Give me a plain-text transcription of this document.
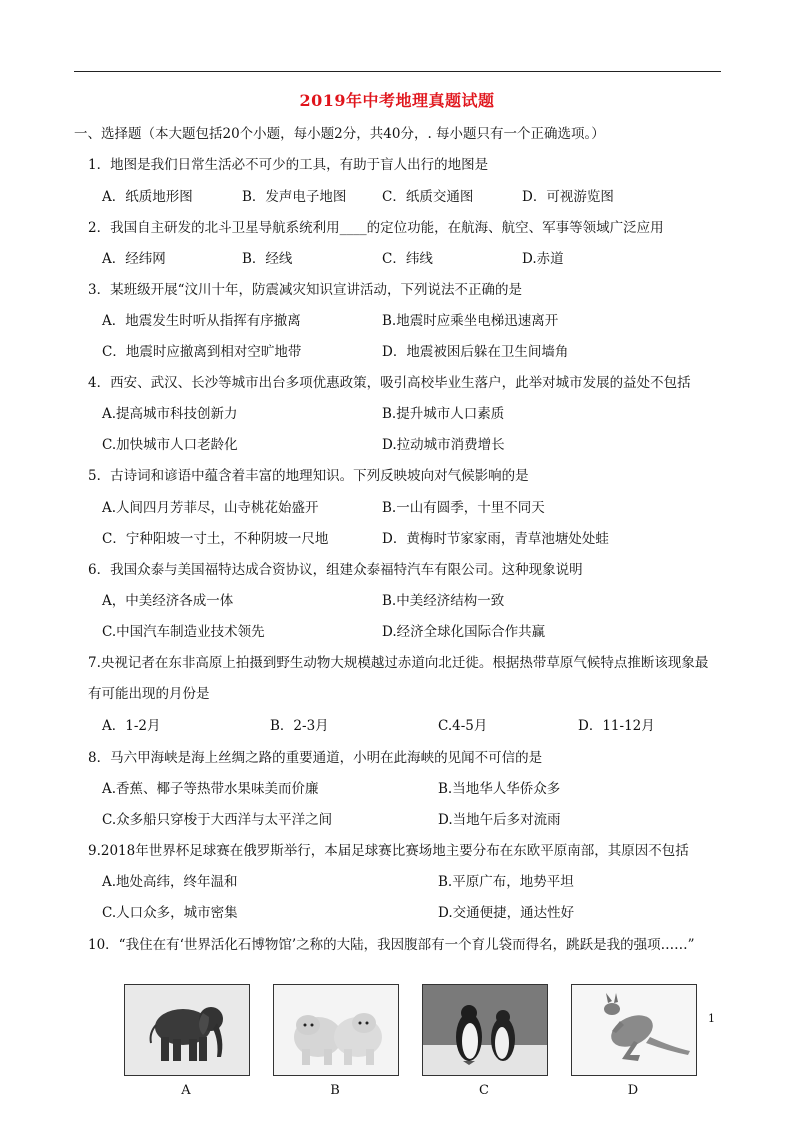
2019年中考地理真题试题
一、选择题（本大题包括20个小题，每小题2分，共40分，. 每小题只有一个正确选项。）
1．地图是我们日常生活必不可少的工具，有助于盲人出行的地图是
A．纸质地形图	B．发声电子地图	C．纸质交通图	D．可视游览图
2．我国自主研发的北斗卫星导航系统利用____的定位功能，在航海、航空、军事等领域广泛应用
A．经纬网	B．经线	C．纬线	D.赤道
3．某班级开展“汶川十年，防震减灾知识宣讲活动，下列说法不正确的是
A．地震发生时听从指挥有序撤离	B.地震时应乘坐电梯迅速离开
C．地震时应撤离到相对空旷地带	D．地震被困后躲在卫生间墙角
4．西安、武汉、长沙等城市出台多项优惠政策，吸引高校毕业生落户，此举对城市发展的益处不包括
A.提高城市科技创新力	B.提升城市人口素质
C.加快城市人口老龄化	D.拉动城市消费增长
5．古诗词和谚语中蕴含着丰富的地理知识。下列反映坡向对气候影响的是
A.人间四月芳菲尽，山寺桃花始盛开	B.一山有圆季，十里不同天
C．宁种阳坡一寸土，不种阴坡一尺地	D．黄梅时节家家雨，青草池塘处处蛙
6．我国众泰与美国福特达成合资协议，组建众泰福特汽车有限公司。这种现象说明
A，中美经济各成一体	B.中美经济结构一致
C.中国汽车制造业技术领先	D.经济全球化国际合作共赢
7.央视记者在东非高原上拍摄到野生动物大规模越过赤道向北迁徙。根据热带草原气候特点推断该现象最
有可能出现的月份是
A．1-2月	B．2-3月	C.4-5月	D．11-12月
8．马六甲海峡是海上丝绸之路的重要通道，小明在此海峡的见闻不可信的是
A.香蕉、椰子等热带水果味美而价廉	B.当地华人华侨众多
C.众多船只穿梭于大西洋与太平洋之间	D.当地午后多对流雨
9.2018年世界杯足球赛在俄罗斯举行，本届足球赛比赛场地主要分布在东欧平原南部，其原因不包括
A.地处高纬，终年温和	B.平原广布，地势平坦
C.人口众多，城市密集	D.交通便捷，通达性好
10．“我住在有‘世界活化石博物馆’之称的大陆，我因腹部有一个育儿袋而得名，跳跃是我的强项……”
A	B	C	D
1
